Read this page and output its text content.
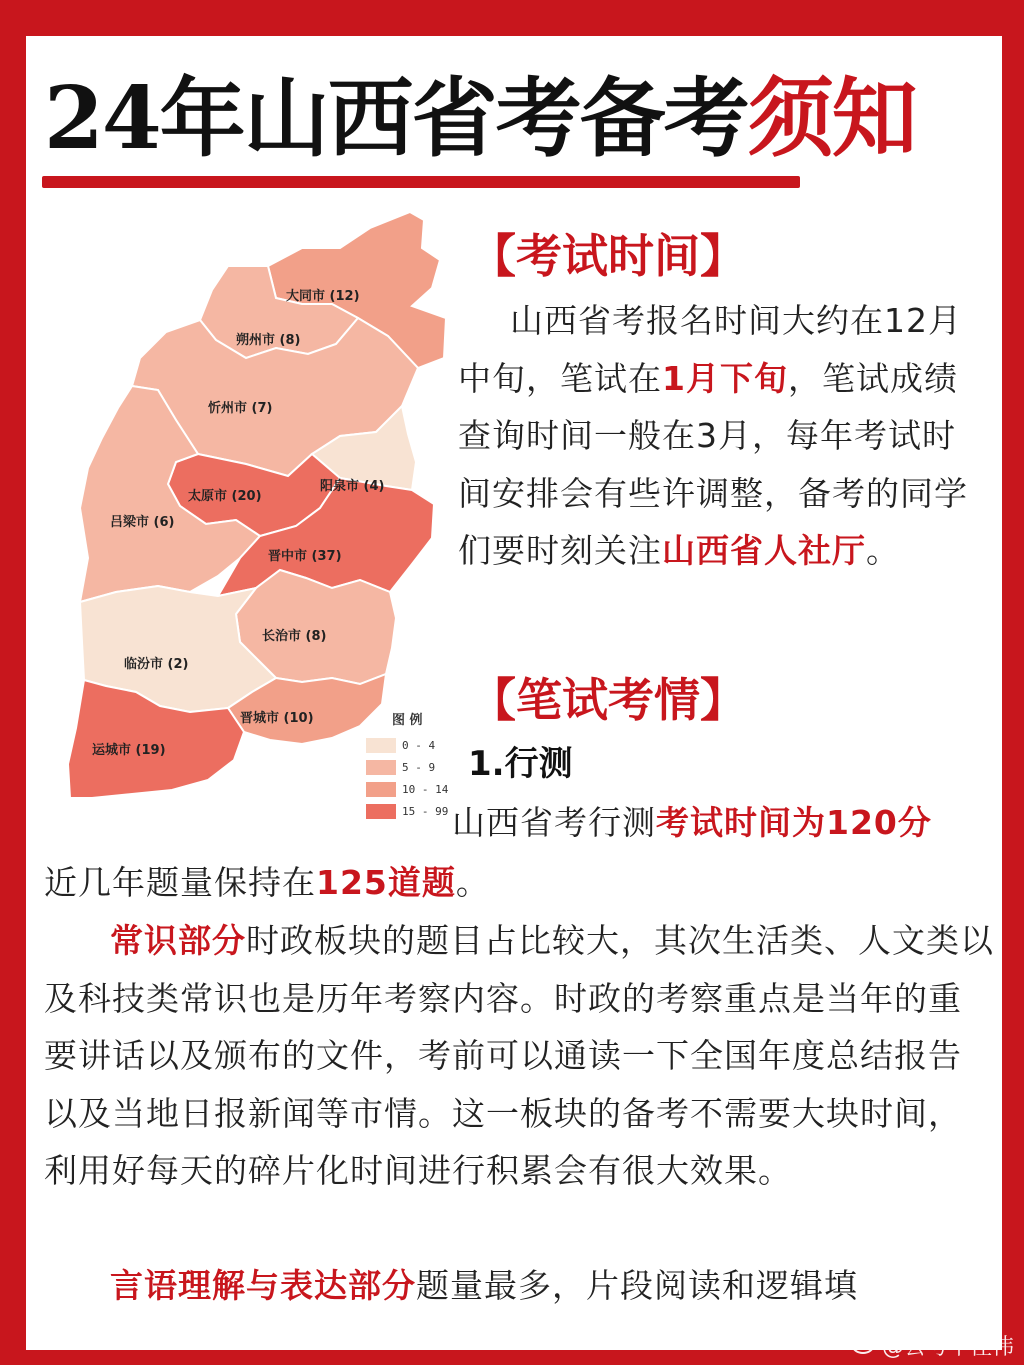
24年山西省考备考须知
大同市 (12)
朔州市 (8)
忻州市 (7)
阳泉市 (4)
太原市 (20)
吕梁市 (6)
晋中市 (37)
长治市 (8)
临汾市 (2)
晋城市 (10)
运城市 (19)
图 例
0 - 4
5 - 9
10 - 14
15 - 99
【考试时间】
山西省考报名时间大约在12月中旬，笔试在1月下旬，笔试成绩查询时间一般在3月，每年考试时间安排会有些许调整，备考的同学们要时刻关注山西省人社厅。
【笔试考情】
1.行测
山西省考行测考试时间为120分
近几年题量保持在125道题。
常识部分时政板块的题目占比较大，其次生活类、人文类以及科技类常识也是历年考察内容。时政的考察重点是当年的重要讲话以及颁布的文件，考前可以通读一下全国年度总结报告以及当地日报新闻等市情。这一板块的备考不需要大块时间，利用好每天的碎片化时间进行积累会有很大效果。
言语理解与表达部分题量最多，片段阅读和逻辑填
@公考牛佳伟
